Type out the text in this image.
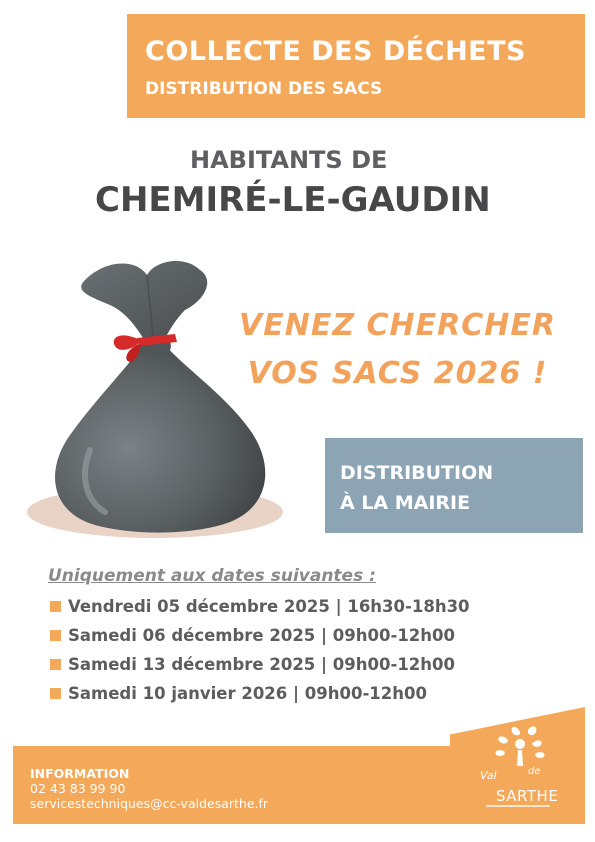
COLLECTE DES DÉCHETS
DISTRIBUTION DES SACS
HABITANTS DE
CHEMIRÉ-LE-GAUDIN
VENEZ CHERCHER
VOS SACS 2026 !
DISTRIBUTION
À LA MAIRIE
Uniquement aux dates suivantes :
Vendredi 05 décembre 2025 | 16h30-18h30
Samedi 06 décembre 2025 | 09h00-12h00
Samedi 13 décembre 2025 | 09h00-12h00
Samedi 10 janvier 2026 | 09h00-12h00
INFORMATION
02 43 83 99 90
servicestechniques@cc-valdesarthe.fr
Val	de
SARTHE
